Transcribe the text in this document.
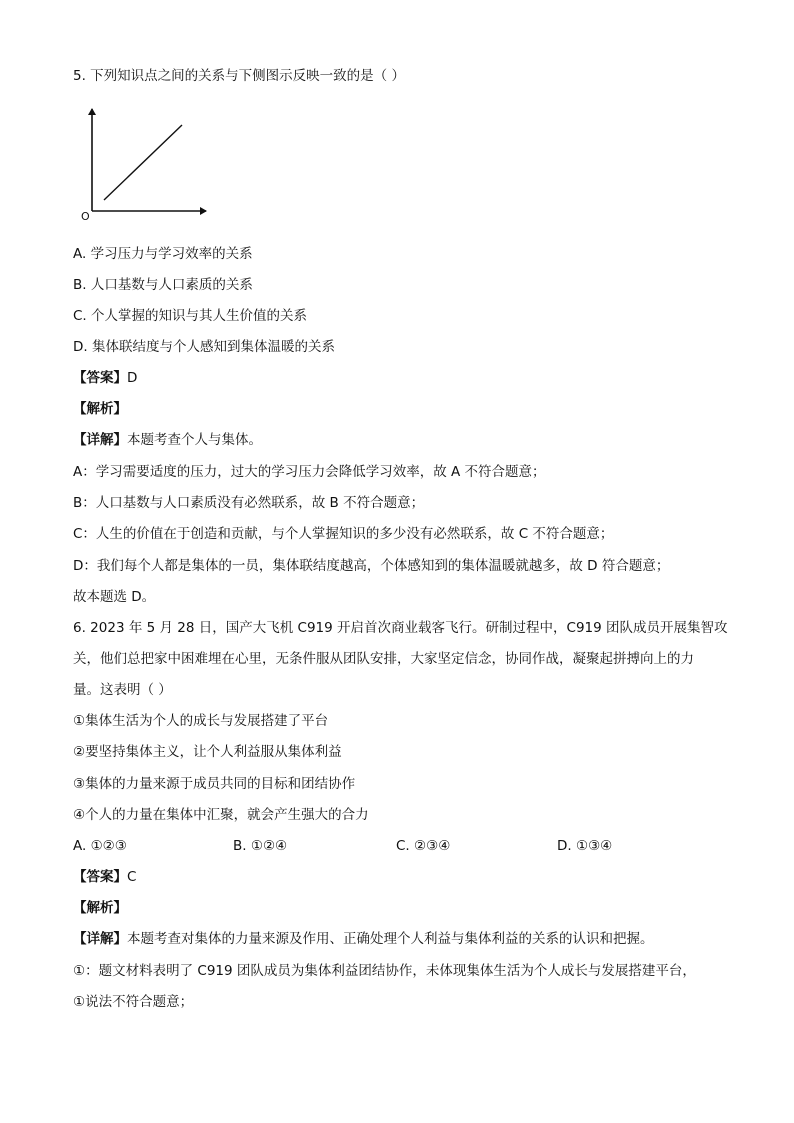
5. 下列知识点之间的关系与下侧图示反映一致的是（ ）
O
A. 学习压力与学习效率的关系
B. 人口基数与人口素质的关系
C. 个人掌握的知识与其人生价值的关系
D. 集体联结度与个人感知到集体温暖的关系
【答案】D
【解析】
【详解】本题考查个人与集体。
A：学习需要适度的压力，过大的学习压力会降低学习效率，故 A 不符合题意；
B：人口基数与人口素质没有必然联系，故 B 不符合题意；
C：人生的价值在于创造和贡献，与个人掌握知识的多少没有必然联系，故 C 不符合题意；
D：我们每个人都是集体的一员，集体联结度越高，个体感知到的集体温暖就越多，故 D 符合题意；
故本题选 D。
6. 2023 年 5 月 28 日，国产大飞机 C919 开启首次商业载客飞行。研制过程中，C919 团队成员开展集智攻
关，他们总把家中困难埋在心里，无条件服从团队安排，大家坚定信念，协同作战，凝聚起拼搏向上的力
量。这表明（ ）
①集体生活为个人的成长与发展搭建了平台
②要坚持集体主义，让个人利益服从集体利益
③集体的力量来源于成员共同的目标和团结协作
④个人的力量在集体中汇聚，就会产生强大的合力
A. ①②③	B. ①②④	C. ②③④	D. ①③④
【答案】C
【解析】
【详解】本题考查对集体的力量来源及作用、正确处理个人利益与集体利益的关系的认识和把握。
①：题文材料表明了 C919 团队成员为集体利益团结协作，未体现集体生活为个人成长与发展搭建平台，
①说法不符合题意；
